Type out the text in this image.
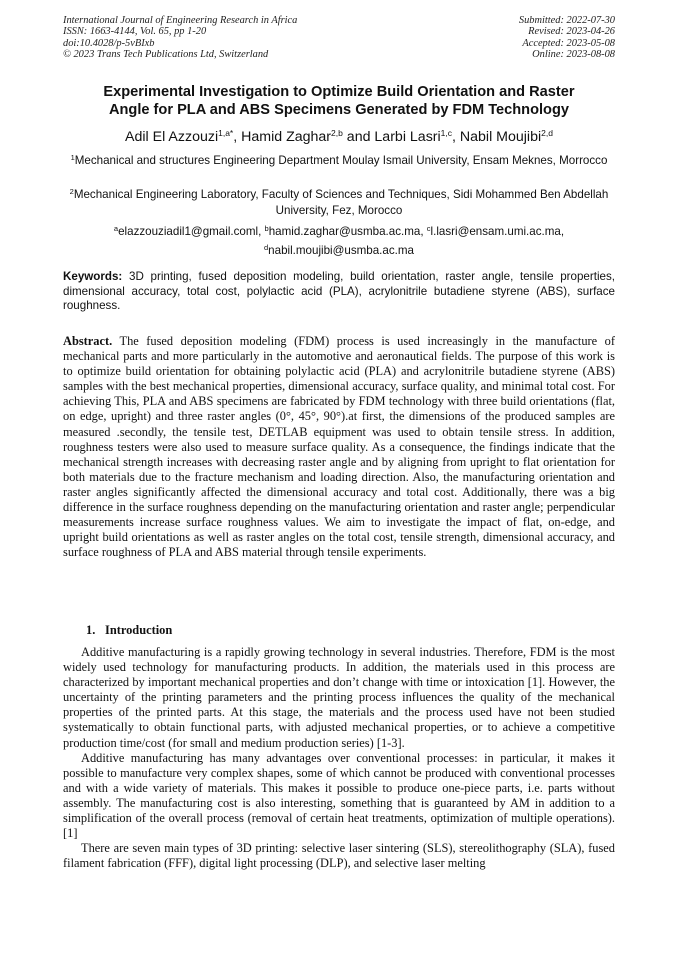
International Journal of Engineering Research in Africa
ISSN: 1663-4144, Vol. 65, pp 1-20
doi:10.4028/p-5vBIxb
© 2023 Trans Tech Publications Ltd, Switzerland
Submitted: 2022-07-30
Revised: 2023-04-26
Accepted: 2023-05-08
Online: 2023-08-08
Experimental Investigation to Optimize Build Orientation and Raster
Angle for PLA and ABS Specimens Generated by FDM Technology
Adil El Azzouzi$^{1,a*}$, Hamid Zaghar$^{2,b}$ and Larbi Lasri$^{1,c}$, Nabil Moujibi$^{2,d}$
$^1$Mechanical and structures Engineering Department Moulay Ismail University, Ensam Meknes, Morrocco
$^2$Mechanical Engineering Laboratory, Faculty of Sciences and Techniques, Sidi Mohammed Ben Abdellah University, Fez, Morocco
$^a$elazzouziadil1@gmail.coml, $^b$hamid.zaghar@usmba.ac.ma, $^c$l.lasri@ensam.umi.ac.ma,
$^d$nabil.moujibi@usmba.ac.ma
Keywords: 3D printing, fused deposition modeling, build orientation, raster angle, tensile properties, dimensional accuracy, total cost, polylactic acid (PLA), acrylonitrile butadiene styrene (ABS), surface roughness.
Abstract. The fused deposition modeling (FDM) process is used increasingly in the manufacture of mechanical parts and more particularly in the automotive and aeronautical fields. The purpose of this work is to optimize build orientation for obtaining polylactic acid (PLA) and acrylonitrile butadiene styrene (ABS) samples with the best mechanical properties, dimensional accuracy, surface quality, and minimal total cost. For achieving This, PLA and ABS specimens are fabricated by FDM technology with three build orientations (flat, on edge, upright) and three raster angles (0°, 45°, 90°).at first, the dimensions of the produced samples are measured .secondly, the tensile test, DETLAB equipment was used to obtain tensile stress. In addition, roughness testers were also used to measure surface quality. As a consequence, the findings indicate that the mechanical strength increases with decreasing raster angle and by aligning from upright to flat orientation for both materials due to the fracture mechanism and loading direction. Also, the manufacturing orientation and raster angles significantly affected the dimensional accuracy and total cost. Additionally, there was a big difference in the surface roughness depending on the manufacturing orientation and raster angle; perpendicular measurements increase surface roughness values. We aim to investigate the impact of flat, on-edge, and upright build orientations as well as raster angles on the total cost, tensile strength, dimensional accuracy, and surface roughness of PLA and ABS material through tensile experiments.
1. Introduction

Additive manufacturing is a rapidly growing technology in several industries. Therefore, FDM is the most widely used technology for manufacturing products. In addition, the materials used in this process are characterized by important mechanical properties and don’t change with time or intoxication [1]. However, the uncertainty of the printing parameters and the printing process influences the quality of the mechanical properties of the printed parts. At this stage, the materials and the process used have not been studied systematically to obtain functional parts, with adjusted mechanical properties, or to achieve a competitive production time/cost (for small and medium production series) [1-3].

Additive manufacturing has many advantages over conventional processes: in particular, it makes it possible to manufacture very complex shapes, some of which cannot be produced with conventional processes and with a wide variety of materials. This makes it possible to produce one-piece parts, i.e. parts without assembly. The manufacturing cost is also interesting, something that is guaranteed by AM in addition to a simplification of the overall process (removal of certain heat treatments, optimization of multiple operations). [1]

There are seven main types of 3D printing: selective laser sintering (SLS), stereolithography (SLA), fused filament fabrication (FFF), digital light processing (DLP), and selective laser melting
